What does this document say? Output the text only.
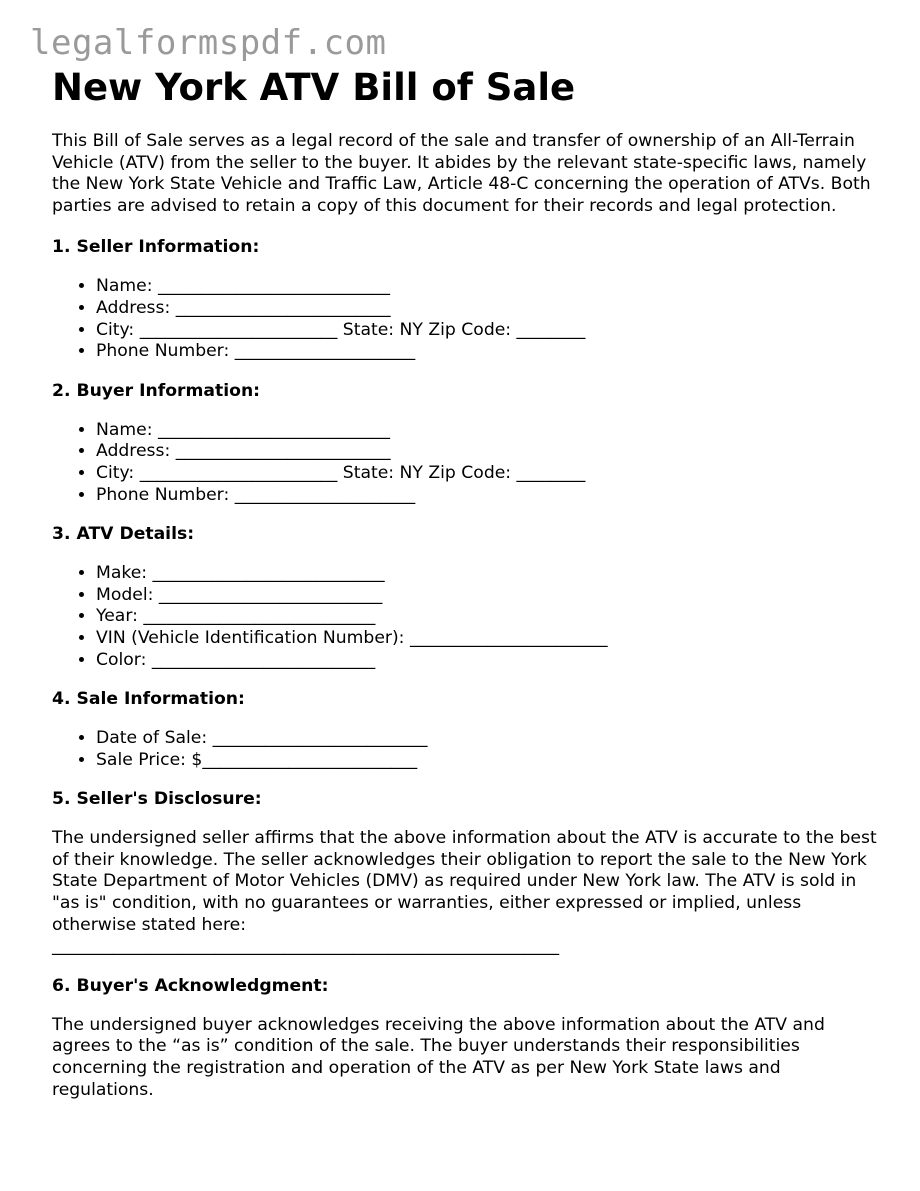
legalformspdf.com
New York ATV Bill of Sale

This Bill of Sale serves as a legal record of the sale and transfer of ownership of an All-Terrain Vehicle (ATV) from the seller to the buyer. It abides by the relevant state-specific laws, namely the New York State Vehicle and Traffic Law, Article 48-C concerning the operation of ATVs. Both parties are advised to retain a copy of this document for their records and legal protection.

1. Seller Information:
• Name: ___________________________
• Address: _________________________
• City: _______________________ State: NY Zip Code: ________
• Phone Number: _____________________
2. Buyer Information:
• Name: ___________________________
• Address: _________________________
• City: _______________________ State: NY Zip Code: ________
• Phone Number: _____________________
3. ATV Details:
• Make: ___________________________
• Model: __________________________
• Year: ___________________________
• VIN (Vehicle Identification Number): _______________________
• Color: __________________________
4. Sale Information:
• Date of Sale: _________________________
• Sale Price: $_________________________
5. Seller's Disclosure:

The undersigned seller affirms that the above information about the ATV is accurate to the best of their knowledge. The seller acknowledges their obligation to report the sale to the New York State Department of Motor Vehicles (DMV) as required under New York law. The ATV is sold in "as is" condition, with no guarantees or warranties, either expressed or implied, unless otherwise stated here:

___________________________________________________________

6. Buyer's Acknowledgment:

The undersigned buyer acknowledges receiving the above information about the ATV and agrees to the “as is” condition of the sale. The buyer understands their responsibilities concerning the registration and operation of the ATV as per New York State laws and regulations.
